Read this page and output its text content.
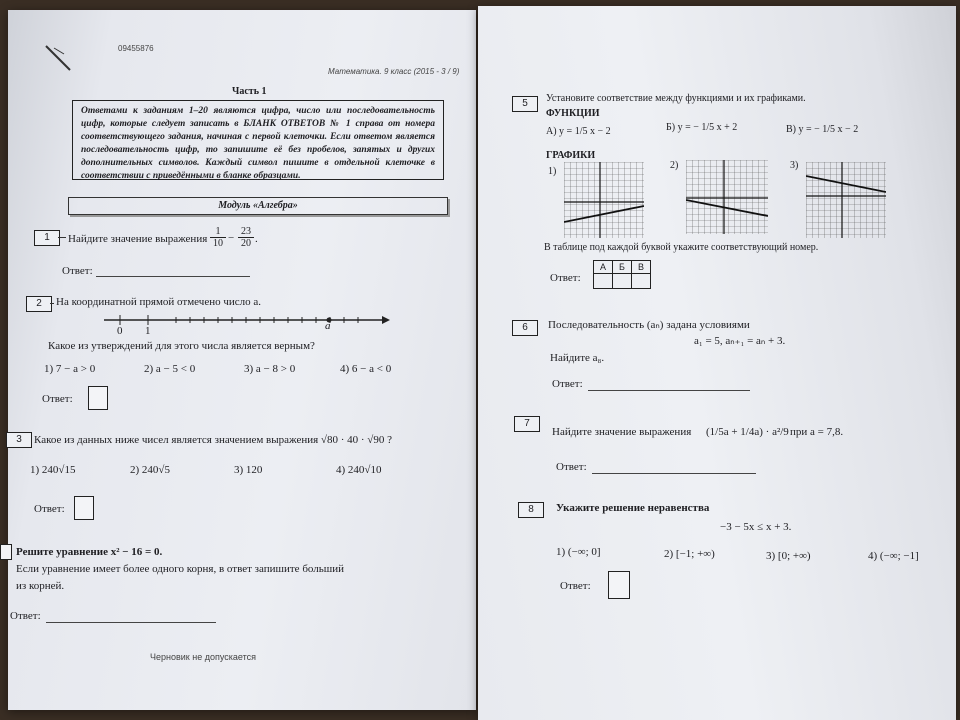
09455876
Математика. 9 класс (2015 - 3 / 9)
Часть 1
Ответами к заданиям 1–20 являются цифра, число или последовательность цифр, которые следует записать в БЛАНК ОТВЕТОВ № 1 справа от номера соответствующего задания, начиная с первой клеточки. Если ответом является последовательность цифр, то запишите её без пробелов, запятых и других дополнительных символов. Каждый символ пишите в отдельной клеточке в соответствии с приведёнными в бланке образцами.
Модуль «Алгебра»
1	Найдите значение выражения $\frac{1}{10} - \frac{23}{20}$ .
Ответ:
2	На координатной прямой отмечено число a.
0 1	a
Какое из утверждений для этого числа является верным?
1) 7 − a > 0	2) a − 5 < 0	3) a − 8 > 0	4) 6 − a < 0
Ответ:
3	Какое из данных ниже чисел является значением выражения √80 · 40 · √90 ?
1) 240√15	2) 240√5	3) 120	4) 240√10
Ответ:
Решите уравнение x² − 16 = 0.
Если уравнение имеет более одного корня, в ответ запишите больший
из корней.
Ответ:
Черновик не допускается
5	Установите соответствие между функциями и их графиками.
ФУНКЦИИ
А) y = 1/5 x − 2	Б) y = − 1/5 x + 2	В) y = − 1/5 x − 2
ГРАФИКИ
1)
2)	3)
В таблице под каждой буквой укажите соответствующий номер.
Ответ:
А	Б	В

6	Последовательность (aₙ) задана условиями
a₁ = 5, aₙ₊₁ = aₙ + 3.
Найдите a₈.
Ответ:
7
Найдите значение выражения (1/5a + 1/4a) · a²/9 при a = 7,8.
Ответ:
8	Укажите решение неравенства
−3 − 5x ≤ x + 3.
1) (−∞; 0]	2) [−1; +∞)	3) [0; +∞)	4) (−∞; −1]
Ответ:
